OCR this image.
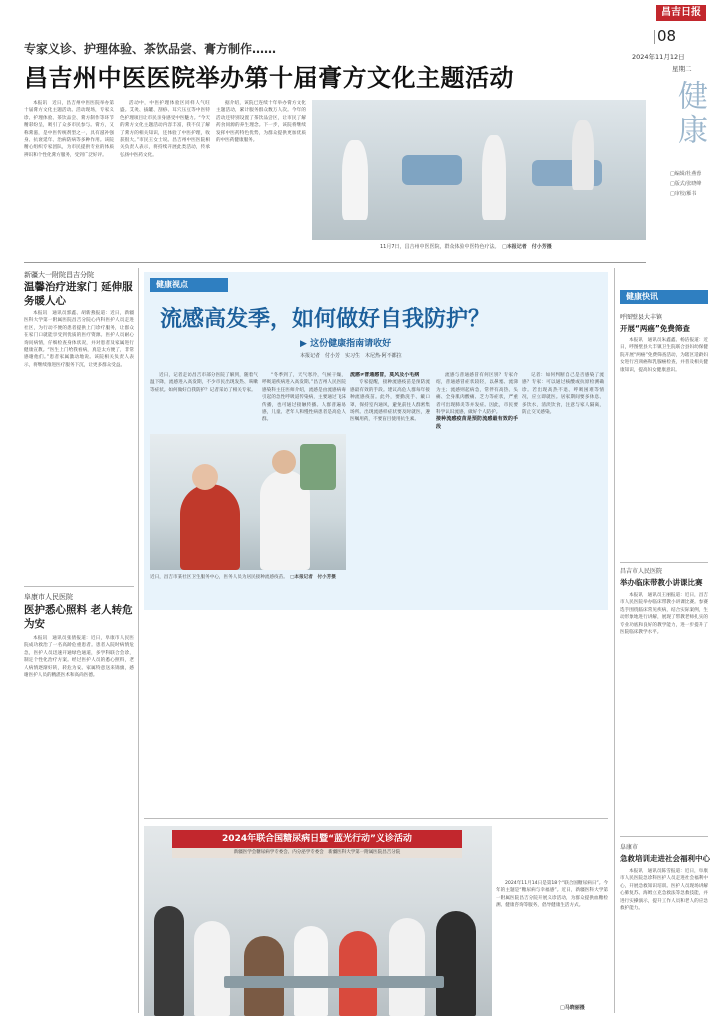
昌吉日报
08
2024年11月12日
星期二
健康
□编辑/杜燕蓉
□版式/张晓峰
□审校/雁书
专家义诊、护理体验、茶饮品尝、膏方制作……
昌吉州中医医院举办第十届膏方文化主题活动

本报讯　近日，昌吉州中医医院举办第十届膏方文化主题活动。活动现场，专家义诊、护理体验、茶饮品尝、膏方制作等环节精彩纷呈，吸引了众多市民参与。膏方，又称膏滋，是中医传统剂型之一，具有滋补强身、抗衰延年、治病防病等多种作用。该院精心组织专家团队，为市民提供专业的体质辨识和个性化膏方服务，受到广泛好评。

活动中，中医护理体验区同样人气旺盛。艾灸、拔罐、刮痧、耳穴压豆等中医特色护理项目让市民亲身感受中医魅力。“今天的膏方文化主题活动内容丰富，我不仅了解了膏方的相关知识，还体验了中医护理，收获很大。”市民王女士说。昌吉州中医医院相关负责人表示，将持续开展此类活动，传承弘扬中医药文化。

据介绍，该院已连续十年举办膏方文化主题活动，累计服务群众数万人次。今年的活动还特别设置了茶饮品尝区，让市民了解药食同源的养生理念。下一步，该院将继续发挥中医药特色优势，为群众提供更加优质的中医药健康服务。

11月7日，昌吉州中医医院，群众体验中医特色疗法。　 □本报记者　付小芳摄
新疆大一附院昌吉分院
温馨治疗进家门 延伸服务暖人心

本报讯　通讯员郭鑫、胡新燕报道：近日，新疆医科大学第一附属医院昌吉分院心内科医护人员走进社区，为行动不便的患者提供上门诊疗服务，让群众在家门口就能享受到优质的医疗资源。医护人员耐心询问病情，仔细检查身体状况，并对患者及家属进行健康宣教。“医生上门给我看病，真是太方便了，非常感谢他们。”患者家属激动地说。该院相关负责人表示，将继续推进医疗服务下沉，让更多群众受益。

阜康市人民医院
医护悉心照料 老人转危为安

本报讯　通讯员张倩报道：近日，阜康市人民医院成功救治了一名高龄危重患者。患者入院时病情危急，医护人员迅速开通绿色通道，多学科联合会诊，制定个性化治疗方案。经过医护人员的悉心照料，老人病情逐渐好转，转危为安。家属特意送来锦旗，感谢医护人员的精湛医术和高尚医德。

健康视点
流感高发季，如何做好自我防护？
▶ 这份健康指南请收好
本报记者　付小芳　实习生　木尼热·阿不都拉

近日，记者走访昌吉市部分医院了解到，随着气温下降，流感进入高发期，不少市民出现发热、咳嗽等症状。如何做好自我防护？记者采访了相关专家。

“冬季到了，天气寒冷，气候干燥，呼吸道疾病进入高发期。”昌吉州人民医院感染科主任医师介绍，流感是由流感病毒引起的急性呼吸道传染病，主要通过飞沫传播，也可通过接触传播。人群普遍易感，儿童、老年人和慢性病患者是高危人群。

近日，昌吉市某社区卫生服务中心，医务人员为居民接种流感疫苗。　 □本报记者　付小芳摄

流感≠普通感冒，莫风及小毛病

专家提醒，接种流感疫苗是预防流感最有效的手段。建议高危人群每年接种流感疫苗。此外，要勤洗手、戴口罩，保持室内通风，避免前往人群密集场所。出现流感样症状要及时就医，遵医嘱用药，不要盲目使用抗生素。

流感与普通感冒有何区别？专家介绍，普通感冒症状较轻，以鼻塞、流涕为主；流感则起病急，常伴有高热、头痛、全身肌肉酸痛、乏力等症状，严重者可出现肺炎等并发症。因此，市民要科学认识流感，做好个人防护。

接种流感疫苗是预防流感最有效的手段

记者：如何判断自己是否感染了流感？专家：可以通过核酸或抗原检测确诊。若出现高热不退、呼吸困难等情况，应立即就医。居家期间要多休息、多饮水，清淡饮食，注意与家人隔离，防止交叉感染。

健康快讯
呼图壁县大丰镇
开展“两癌”免费筛查

本报讯　通讯员朱鑫鑫、杨洁报道：近日，呼图壁县大丰镇卫生院联合县妇幼保健院开展“两癌”免费筛查活动，为辖区适龄妇女进行宫颈癌和乳腺癌检查，并普及相关健康知识，提高妇女健康意识。

昌吉市人民医院
举办临床带教小讲课比赛

本报讯　通讯员王丽报道：近日，昌吉市人民医院举办临床带教小讲课比赛。参赛选手围绕临床常见疾病，结合实际案例，生动形象地进行讲解，展现了带教老师扎实的专业功底和良好的教学能力，进一步提升了医院临床教学水平。

阜康市
急救培训走进社会福利中心

本报讯　通讯员陈雪报道：近日，阜康市人民医院急诊科医护人员走进社会福利中心，开展急救知识培训。医护人员现场讲解心肺复苏、海姆立克急救法等急救技能，并进行实操演示，提升工作人员和老人的应急救护能力。

2024年联合国糖尿病日暨“蓝光行动”义诊活动
新疆医学会糖尿病学专委会、内分泌学专委会　新疆医科大学第一附属医院昌吉分院

2024年11月14日是第18个“联合国糖尿病日”。今年的主题是“糖尿病与幸福感”。近日，新疆医科大学第一附属医院昌吉分院开展义诊活动，为群众提供血糖检测、健康咨询等服务，倡导健康生活方式。

□马晓丽摄
